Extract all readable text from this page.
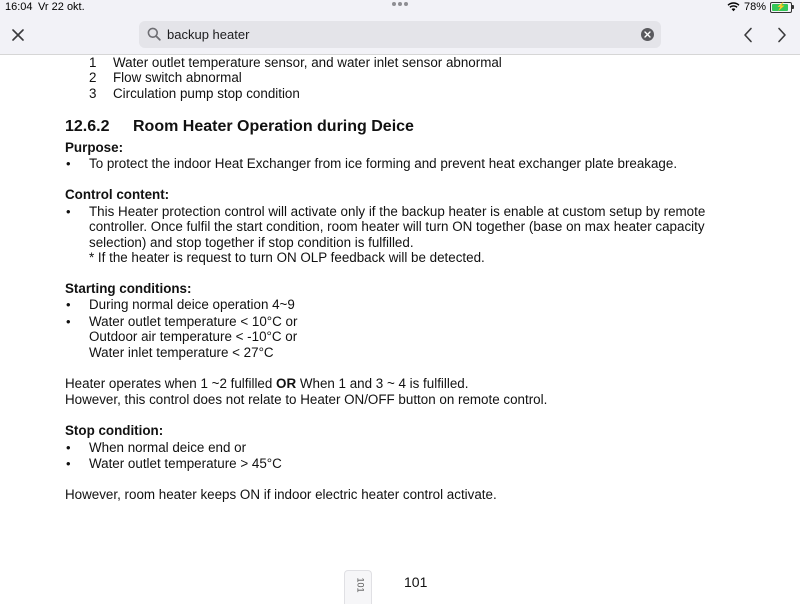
16:04 Vr 22 okt.	78% ⚡
backup heater
1 Water outlet temperature sensor, and water inlet sensor abnormal
2 Flow switch abnormal
3 Circulation pump stop condition
12.6.2 Room Heater Operation during Deice
Purpose:
• To protect the indoor Heat Exchanger from ice forming and prevent heat exchanger plate breakage.
Control content:
• This Heater protection control will activate only if the backup heater is enable at custom setup by remote
controller. Once fulfil the start condition, room heater will turn ON together (base on max heater capacity
selection) and stop together if stop condition is fulfilled.
* If the heater is request to turn ON OLP feedback will be detected.
Starting conditions:
• During normal deice operation 4~9
• Water outlet temperature < 10°C or
Outdoor air temperature < -10°C or
Water inlet temperature < 27°C
Heater operates when 1 ~2 fulfilled OR When 1 and 3 ~ 4 is fulfilled.
However, this control does not relate to Heater ON/OFF button on remote control.
Stop condition:
• When normal deice end or
• Water outlet temperature > 45°C
However, room heater keeps ON if indoor electric heater control activate.
101	101
